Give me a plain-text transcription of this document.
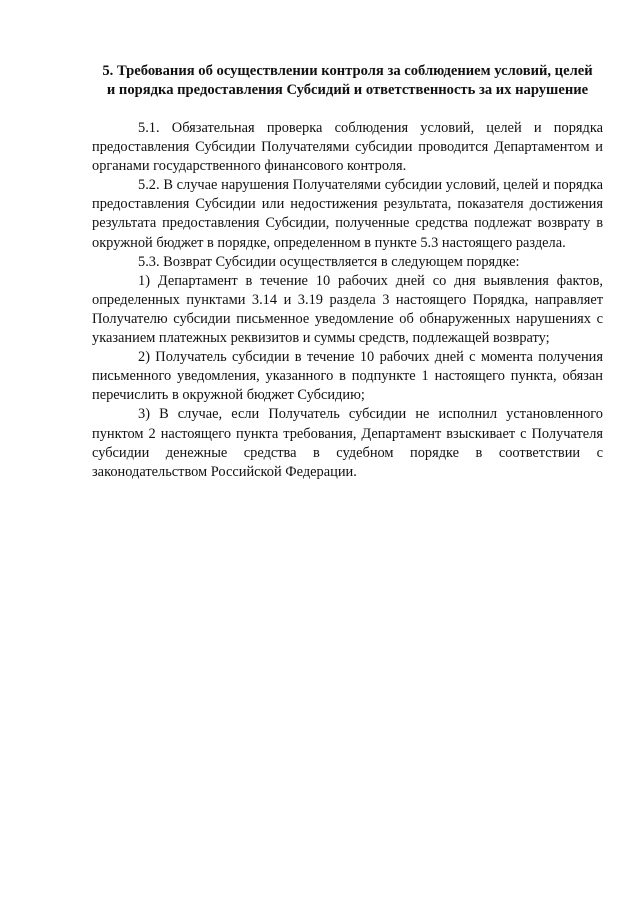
5. Требования об осуществлении контроля за соблюдением условий, целей
и порядка предоставления Субсидий и ответственность за их нарушение

5.1. Обязательная проверка соблюдения условий, целей и порядка предоставления Субсидии Получателями субсидии проводится Департаментом и органами государственного финансового контроля.

5.2. В случае нарушения Получателями субсидии условий, целей и порядка предоставления Субсидии или недостижения результата, показателя достижения результата предоставления Субсидии, полученные средства подлежат возврату в окружной бюджет в порядке, определенном в пункте 5.3 настоящего раздела.

5.3. Возврат Субсидии осуществляется в следующем порядке:

1) Департамент в течение 10 рабочих дней со дня выявления фактов, определенных пунктами 3.14 и 3.19 раздела 3 настоящего Порядка, направляет Получателю субсидии письменное уведомление об обнаруженных нарушениях с указанием платежных реквизитов и суммы средств, подлежащей возврату;

2) Получатель субсидии в течение 10 рабочих дней с момента получения письменного уведомления, указанного в подпункте 1 настоящего пункта, обязан перечислить в окружной бюджет Субсидию;

3) В случае, если Получатель субсидии не исполнил установленного пунктом 2 настоящего пункта требования, Департамент взыскивает с Получателя субсидии денежные средства в судебном порядке в соответствии с законодательством Российской Федерации.
